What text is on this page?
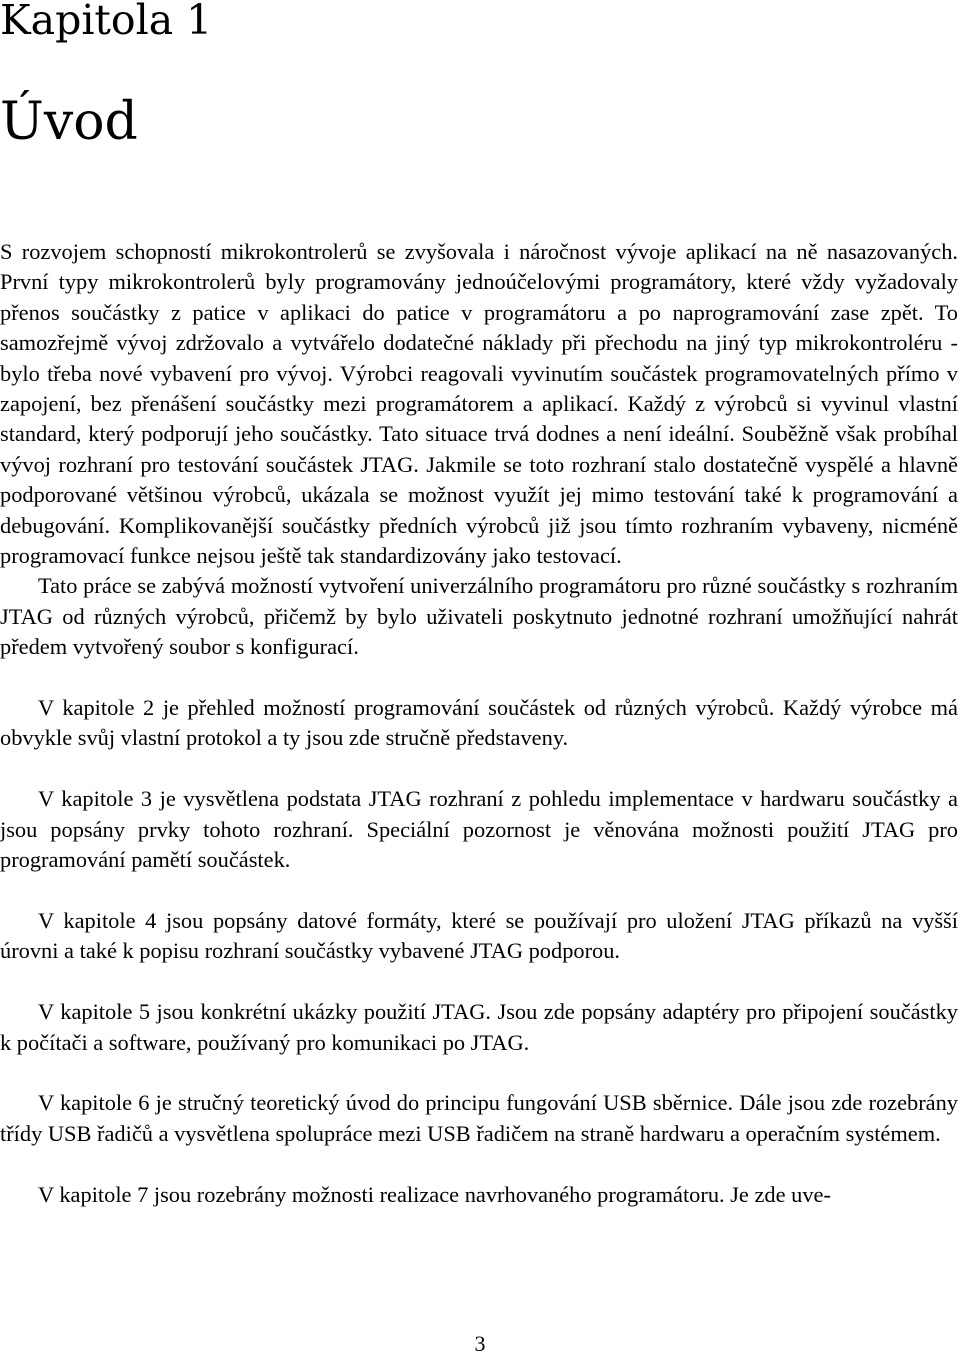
Kapitola 1
Úvod

S rozvojem schopností mikrokontrolerů se zvyšovala i náročnost vývoje aplikací na ně nasazovaných. První typy mikrokontrolerů byly programovány jednoúčelovými programátory, které vždy vyžadovaly přenos součástky z patice v aplikaci do patice v programátoru a po naprogramování zase zpět. To samozřejmě vývoj zdržovalo a vytvářelo dodatečné náklady při přechodu na jiný typ mikrokontroléru - bylo třeba nové vybavení pro vývoj. Výrobci reagovali vyvinutím součástek programovatelných přímo v zapojení, bez přenášení součástky mezi programátorem a aplikací. Každý z výrobců si vyvinul vlastní standard, který podporují jeho součástky. Tato situace trvá dodnes a není ideální. Souběžně však probíhal vývoj rozhraní pro testování součástek JTAG. Jakmile se toto rozhraní stalo dostatečně vyspělé a hlavně podporované většinou výrobců, ukázala se možnost využít jej mimo testování také k programování a debugování. Komplikovanější součástky předních výrobců již jsou tímto rozhraním vybaveny, nicméně programovací funkce nejsou ještě tak standardizovány jako testovací.

Tato práce se zabývá možností vytvoření univerzálního programátoru pro různé součástky s rozhraním JTAG od různých výrobců, přičemž by bylo uživateli poskytnuto jednotné rozhraní umožňující nahrát předem vytvořený soubor s konfigurací.

V kapitole 2 je přehled možností programování součástek od různých výrobců. Každý výrobce má obvykle svůj vlastní protokol a ty jsou zde stručně představeny.

V kapitole 3 je vysvětlena podstata JTAG rozhraní z pohledu implementace v hardwaru součástky a jsou popsány prvky tohoto rozhraní. Speciální pozornost je věnována možnosti použití JTAG pro programování pamětí součástek.

V kapitole 4 jsou popsány datové formáty, které se používají pro uložení JTAG příkazů na vyšší úrovni a také k popisu rozhraní součástky vybavené JTAG podporou.

V kapitole 5 jsou konkrétní ukázky použití JTAG. Jsou zde popsány adaptéry pro připojení součástky k počítači a software, používaný pro komunikaci po JTAG.

V kapitole 6 je stručný teoretický úvod do principu fungování USB sběrnice. Dále jsou zde rozebrány třídy USB řadičů a vysvětlena spolupráce mezi USB řadičem na straně hardwaru a operačním systémem.

V kapitole 7 jsou rozebrány možnosti realizace navrhovaného programátoru. Je zde uve-

3
